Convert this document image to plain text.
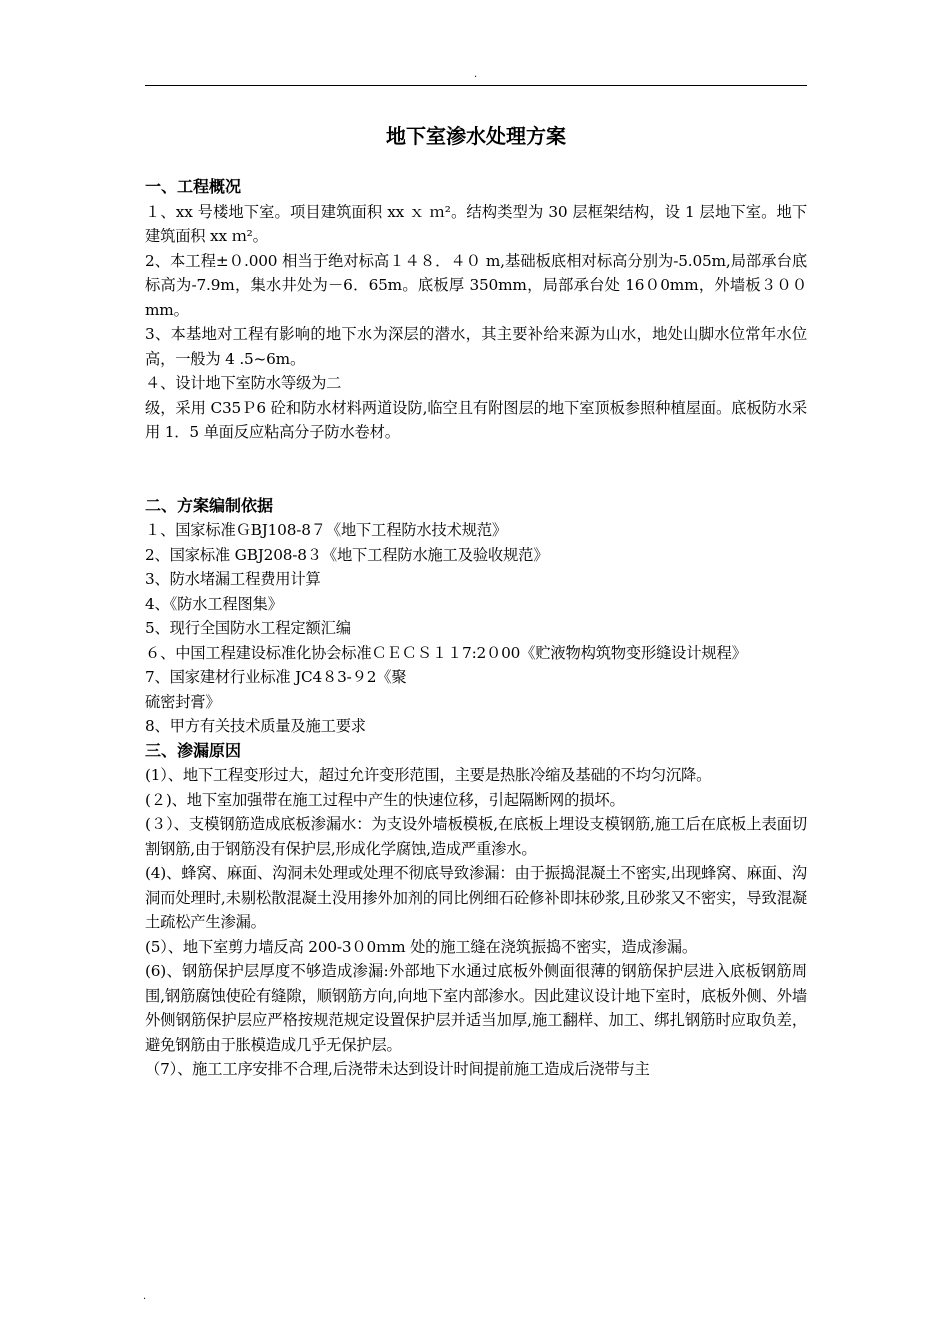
.
地下室渗水处理方案

一、工程概况

１、xx 号楼地下室。项目建筑面积 xx ｘ ｍ²。结构类型为 30 层框架结构，设 1 层地下室。地下建筑面积 xx ｍ²。

2、本工程±０.000 相当于绝对标高１４８．４０ m,基础板底相对标高分别为-5.05m,局部承台底标高为-7.9m，集水井处为－6．65m。底板厚 350mm，局部承台处 16０0mm，外墙板３００mm。

3、本基地对工程有影响的地下水为深层的潜水，其主要补给来源为山水，地处山脚水位常年水位高，一般为 4 .5~6m。

４、设计地下室防水等级为二

级，采用 C35Ｐ6 砼和防水材料两道设防,临空且有附图层的地下室顶板参照种植屋面。底板防水采用 1．5 单面反应粘高分子防水卷材。

二、方案编制依据

１、国家标准ＧBJ108-8７《地下工程防水技术规范》

2、国家标准 GBJ208-8３《地下工程防水施工及验收规范》

3、防水堵漏工程费用计算

4、《防水工程图集》

5、现行全国防水工程定额汇编

６、中国工程建设标准化协会标准ＣＥＣＳ１１7:2０00《贮液物构筑物变形缝设计规程》

7、国家建材行业标准 JC4８3-９2《聚

硫密封膏》

8、甲方有关技术质量及施工要求

三、渗漏原因

(1）、地下工程变形过大，超过允许变形范围，主要是热胀冷缩及基础的不均匀沉降。

(２)、地下室加强带在施工过程中产生的快速位移，引起隔断网的损坏。

(３）、支模钢筋造成底板渗漏水：为支设外墙板模板,在底板上埋设支模钢筋,施工后在底板上表面切割钢筋,由于钢筋没有保护层,形成化学腐蚀,造成严重渗水。

(4)、蜂窝、麻面、沟洞未处理或处理不彻底导致渗漏：由于振捣混凝土不密实,出现蜂窝、麻面、沟洞而处理时,未剔松散混凝土没用掺外加剂的同比例细石砼修补即抹砂浆,且砂浆又不密实，导致混凝土疏松产生渗漏。

(5）、地下室剪力墙反高 200-3０0ｍm 处的施工缝在浇筑振捣不密实，造成渗漏。

(6)、钢筋保护层厚度不够造成渗漏:外部地下水通过底板外侧面很薄的钢筋保护层进入底板钢筋周围,钢筋腐蚀使砼有缝隙，顺钢筋方向,向地下室内部渗水。因此建议设计地下室时，底板外侧、外墙外侧钢筋保护层应严格按规范规定设置保护层并适当加厚,施工翻样、加工、绑扎钢筋时应取负差，避免钢筋由于胀模造成几乎无保护层。

（7）、施工工序安排不合理,后浇带未达到设计时间提前施工造成后浇带与主

.
